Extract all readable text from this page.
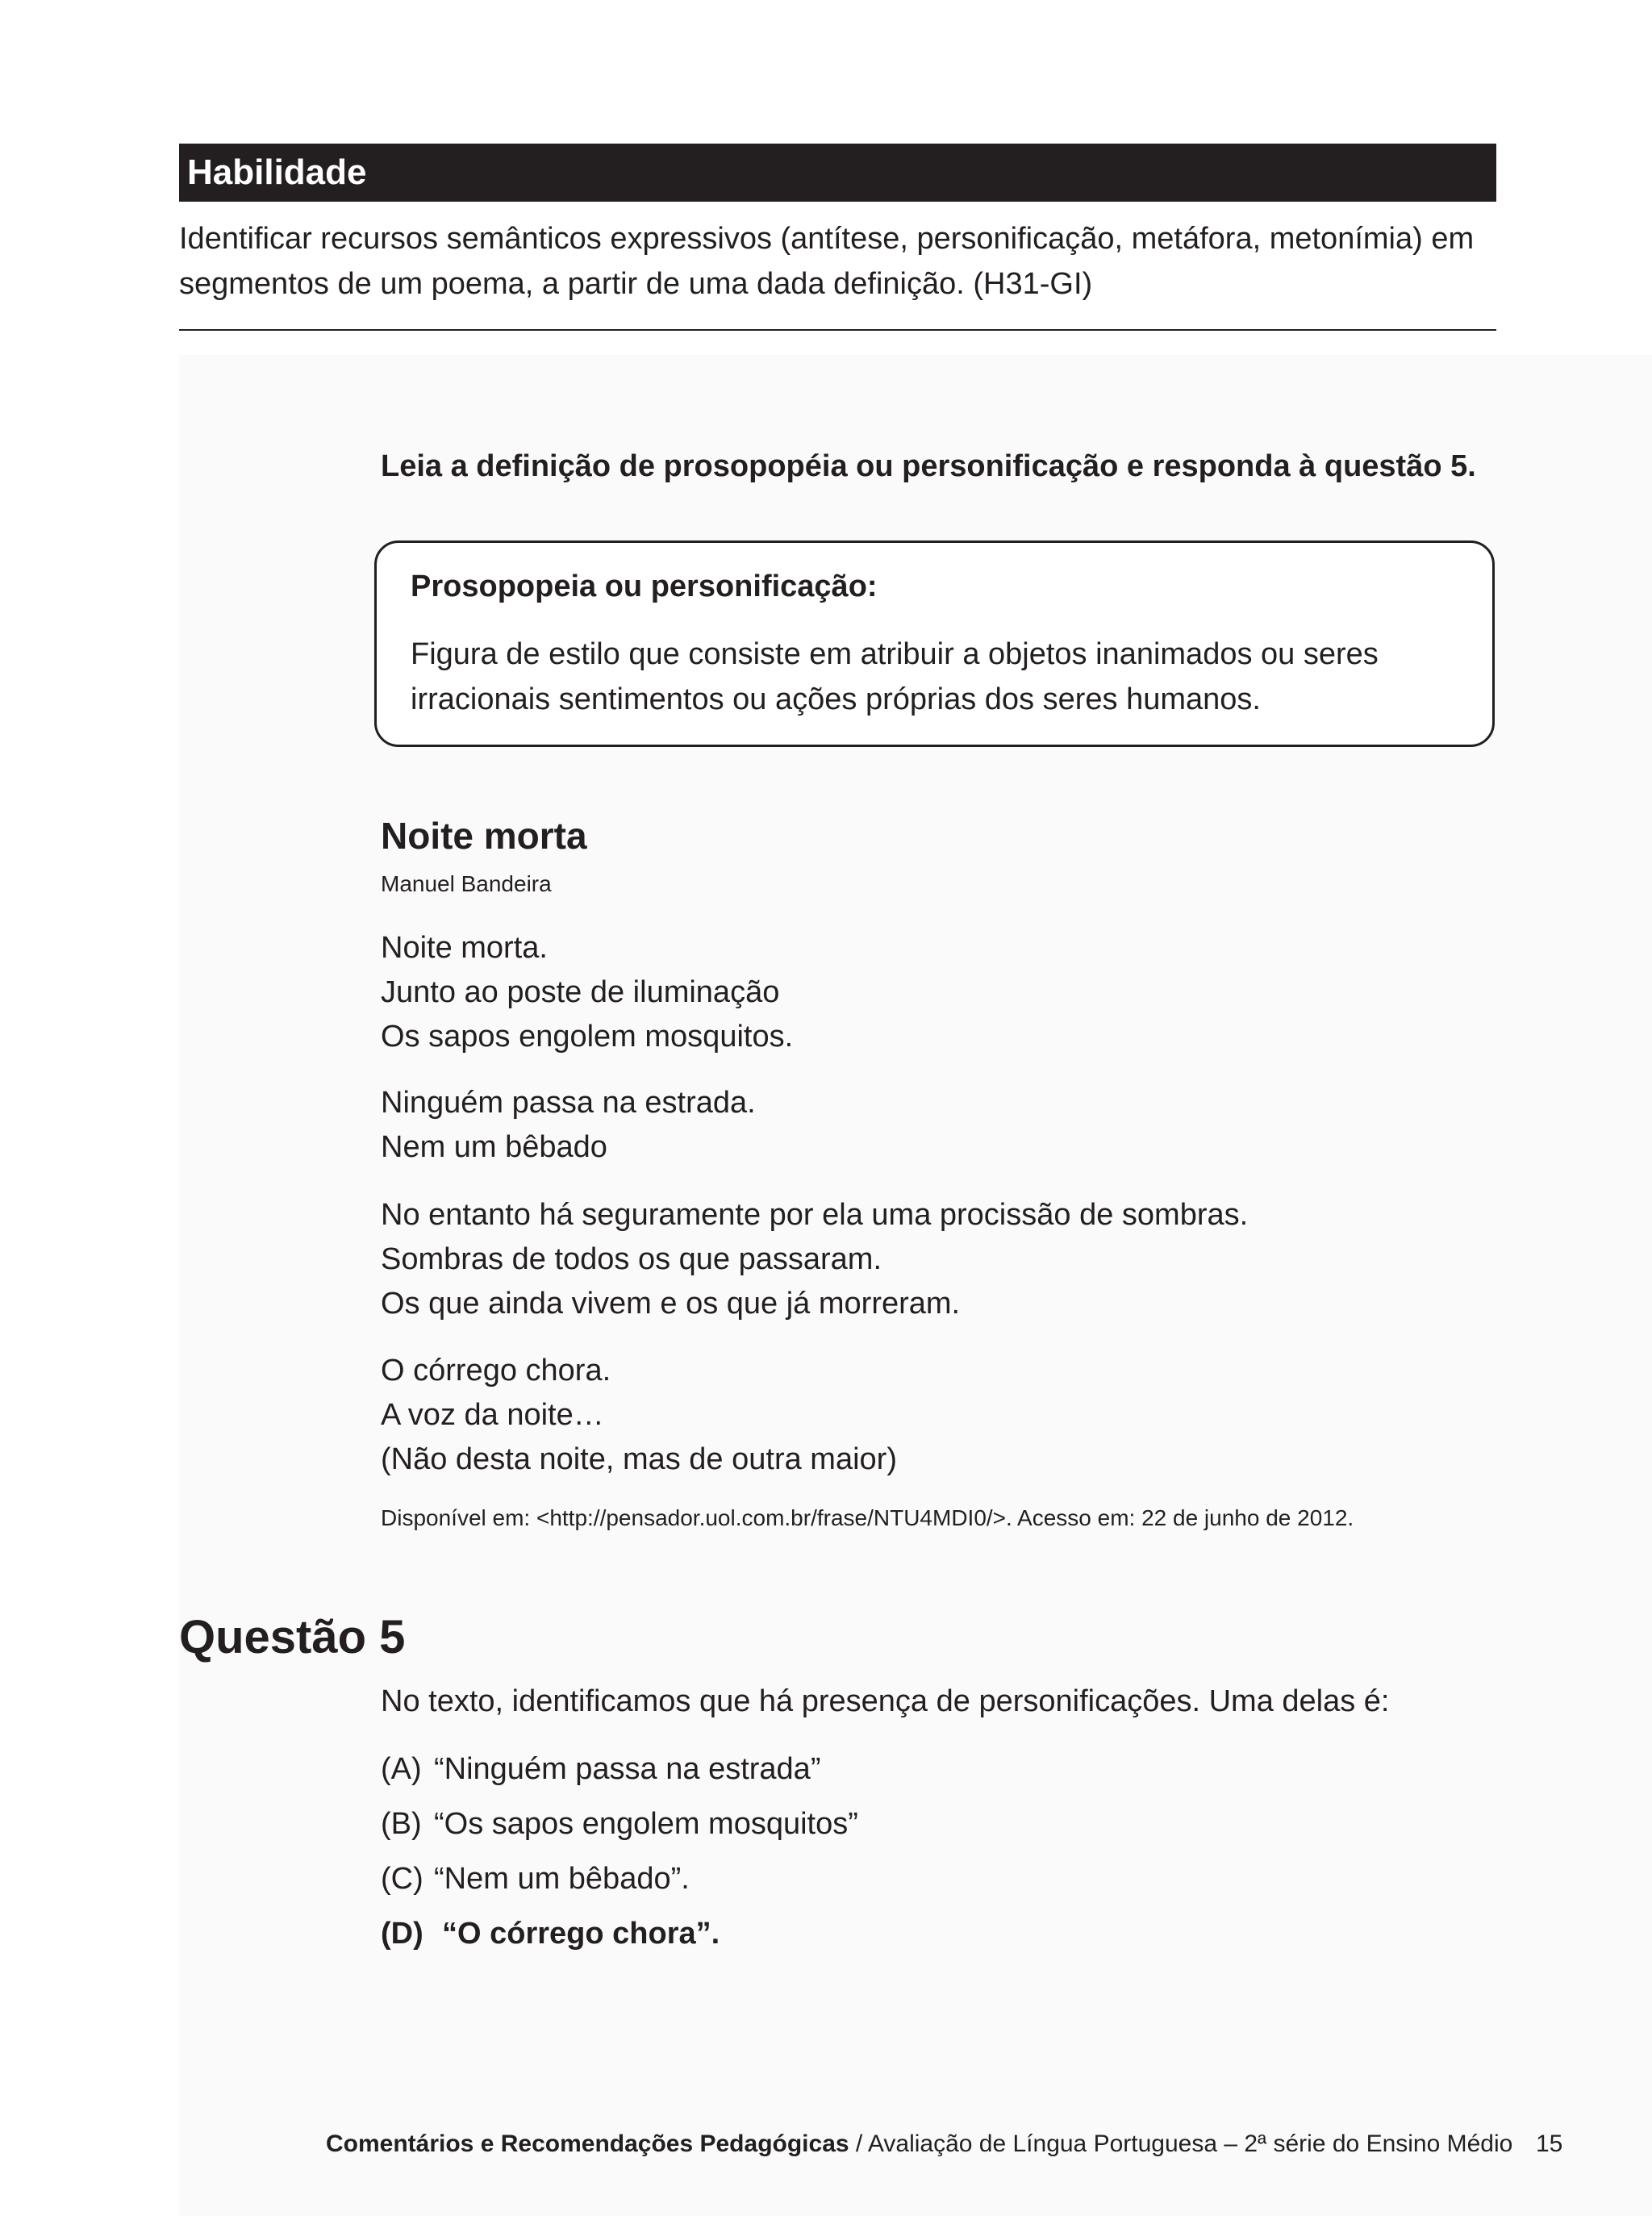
Habilidade
Identificar recursos semânticos expressivos (antítese, personificação, metáfora, metonímia) em segmentos de um poema, a partir de uma dada definição. (H31-GI)
Leia a definição de prosopopéia ou personificação e responda à questão 5.
Prosopopeia ou personificação:
Figura de estilo que consiste em atribuir a objetos inanimados ou seres irracionais sentimentos ou ações próprias dos seres humanos.
Noite morta
Manuel Bandeira
Noite morta.
Junto ao poste de iluminação
Os sapos engolem mosquitos.
Ninguém passa na estrada.
Nem um bêbado
No entanto há seguramente por ela uma procissão de sombras.
Sombras de todos os que passaram.
Os que ainda vivem e os que já morreram.
O córrego chora.
A voz da noite…
(Não desta noite, mas de outra maior)
Disponível em: <http://pensador.uol.com.br/frase/NTU4MDI0/>. Acesso em: 22 de junho de 2012.
Questão 5
No texto, identificamos que há presença de personificações. Uma delas é:
(A) “Ninguém passa na estrada”
(B) “Os sapos engolem mosquitos”
(C) “Nem um bêbado”.
(D) “O córrego chora”.
Comentários e Recomendações Pedagógicas / Avaliação de Língua Portuguesa – 2ª série do Ensino Médio 15
